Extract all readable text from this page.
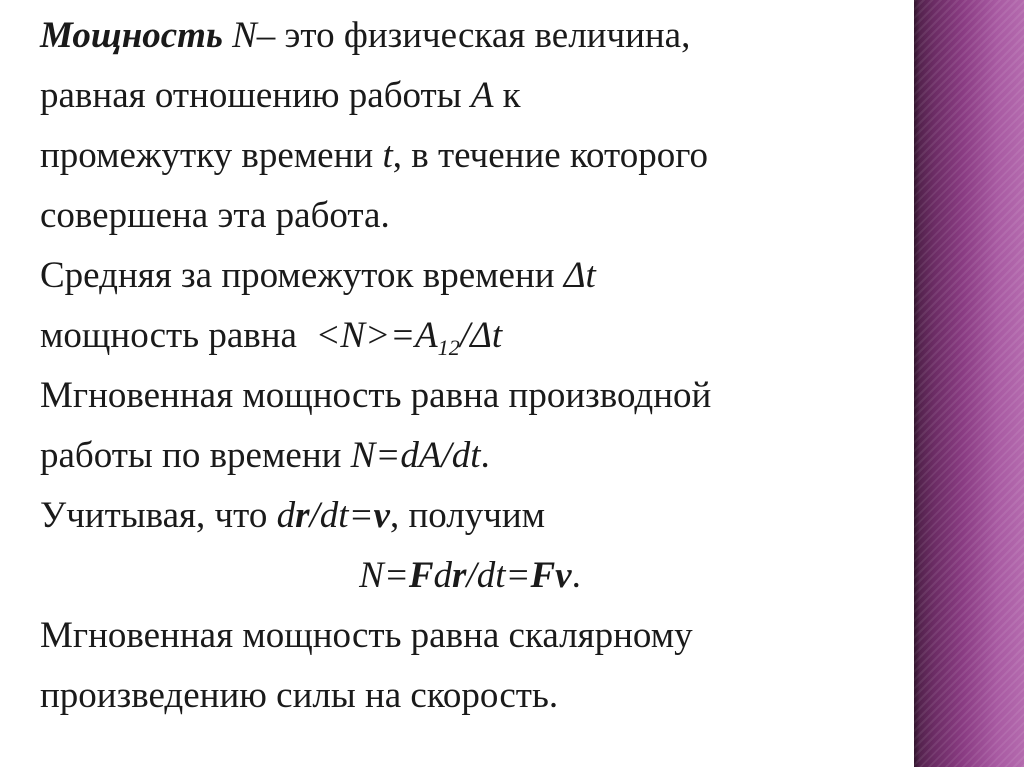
Мощность N– это физическая величина,
равная отношению работы A к
промежутку времени t, в течение которого
совершена эта работа.

Средняя за промежуток времени Δt
мощность равна  $<N>=A_{12}/\Delta t$

Мгновенная мощность равна производной
работы по времени N=dA/dt.

Учитывая, что dr/dt=v, получим

N=Fdr/dt=Fv.

Мгновенная мощность равна скалярному
произведению силы на скорость.
